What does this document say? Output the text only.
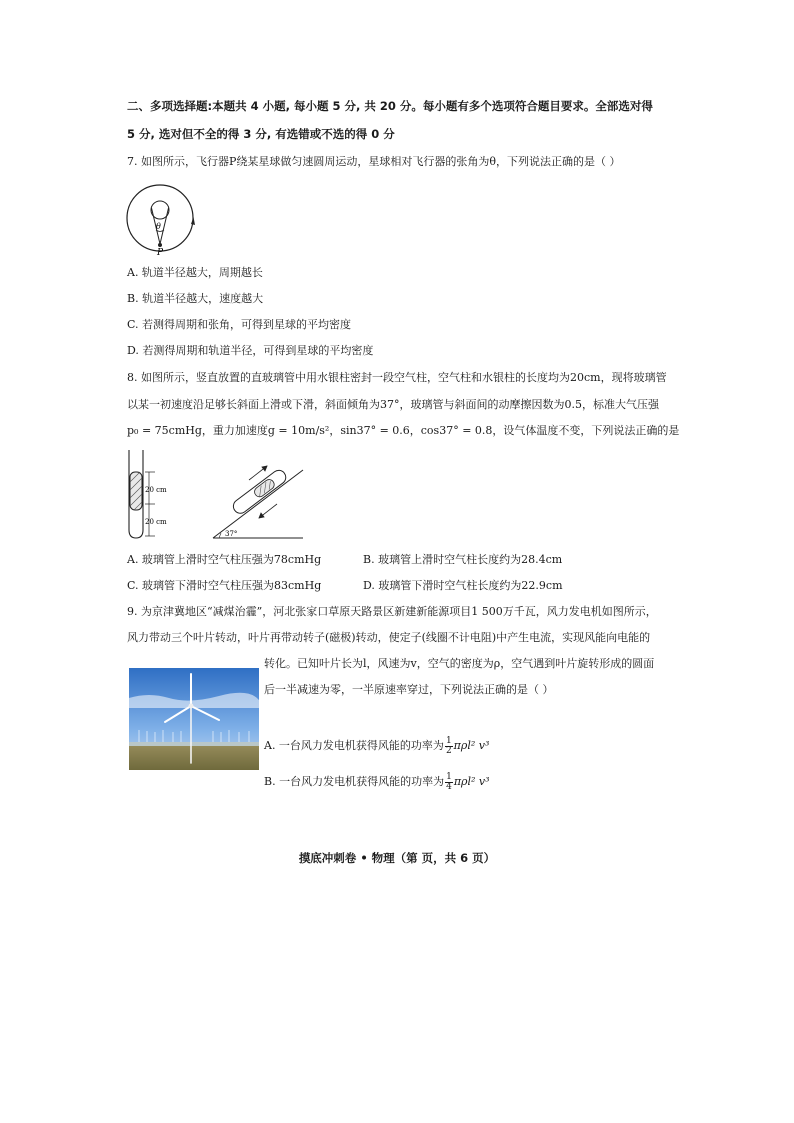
二、多项选择题:本题共 4 小题, 每小题 5 分, 共 20 分。每小题有多个选项符合题目要求。全部选对得
5 分, 选对但不全的得 3 分, 有选错或不选的得 0 分
7. 如图所示，飞行器P绕某星球做匀速圆周运动，星球相对飞行器的张角为θ，下列说法正确的是（ ）
θ
P
A. 轨道半径越大，周期越长
B. 轨道半径越大，速度越大
C. 若测得周期和张角，可得到星球的平均密度
D. 若测得周期和轨道半径，可得到星球的平均密度
8. 如图所示，竖直放置的直玻璃管中用水银柱密封一段空气柱，空气柱和水银柱的长度均为20cm，现将玻璃管
以某一初速度沿足够长斜面上滑或下滑，斜面倾角为37°，玻璃管与斜面间的动摩擦因数为0.5，标准大气压强
p₀ = 75cmHg，重力加速度g = 10m/s²，sin37° = 0.6，cos37° = 0.8，设气体温度不变，下列说法正确的是
20 cm
20 cm
37°
A. 玻璃管上滑时空气柱压强为78cmHg	B. 玻璃管上滑时空气柱长度约为28.4cm
C. 玻璃管下滑时空气柱压强为83cmHg	D. 玻璃管下滑时空气柱长度约为22.9cm
9. 为京津冀地区“减煤治霾”，河北张家口草原天路景区新建新能源项目1 500万千瓦，风力发电机如图所示，
风力带动三个叶片转动，叶片再带动转子(磁极)转动，使定子(线圈不计电阻)中产生电流，实现风能向电能的
转化。已知叶片长为l，风速为v，空气的密度为ρ，空气遇到叶片旋转形成的圆面
后一半减速为零，一半原速率穿过，下列说法正确的是（ ）
A. 一台风力发电机获得风能的功率为 $\frac{1}{2} \pi\rho l^2$ v³
B. 一台风力发电机获得风能的功率为 $\frac{1}{4} \pi\rho l^2$ v³
摸底冲刺卷 • 物理（第 页，共 6 页）
